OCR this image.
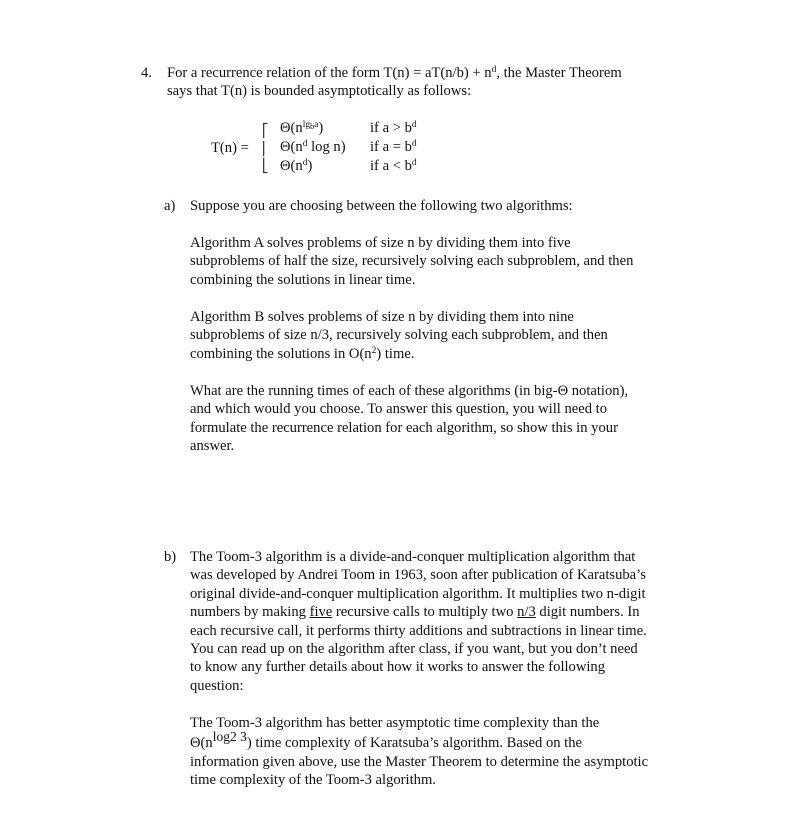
4. For a recurrence relation of the form $T(n) = aT(n/b) + n^d$, the Master Theorem
says that T(n) is bounded asymptotically as follows:
T(n) =
⎡
⎢
⎣
$\Theta(n^{lg_ba})$	if $a > b^d$
$\Theta(n^d$ log n) if $a = b^d$
$\Theta(n^d)$	if $a < b^d$
a) Suppose you are choosing between the following two algorithms:
Algorithm A solves problems of size n by dividing them into five
subproblems of half the size, recursively solving each subproblem, and then
combining the solutions in linear time.
Algorithm B solves problems of size n by dividing them into nine
subproblems of size n/3, recursively solving each subproblem, and then
combining the solutions in $O(n^2)$ time.
What are the running times of each of these algorithms (in big-Θ notation),
and which would you choose. To answer this question, you will need to
formulate the recurrence relation for each algorithm, so show this in your
answer.
b) The Toom-3 algorithm is a divide-and-conquer multiplication algorithm that
was developed by Andrei Toom in 1963, soon after publication of Karatsuba’s
original divide-and-conquer multiplication algorithm. It multiplies two n-digit
numbers by making five recursive calls to multiply two n/3 digit numbers. In
each recursive call, it performs thirty additions and subtractions in linear time.
You can read up on the algorithm after class, if you want, but you don’t need
to know any further details about how it works to answer the following
question:
The Toom-3 algorithm has better asymptotic time complexity than the
$\Theta(n^{log2 3})$ time complexity of Karatsuba’s algorithm. Based on the
information given above, use the Master Theorem to determine the asymptotic
time complexity of the Toom-3 algorithm.
